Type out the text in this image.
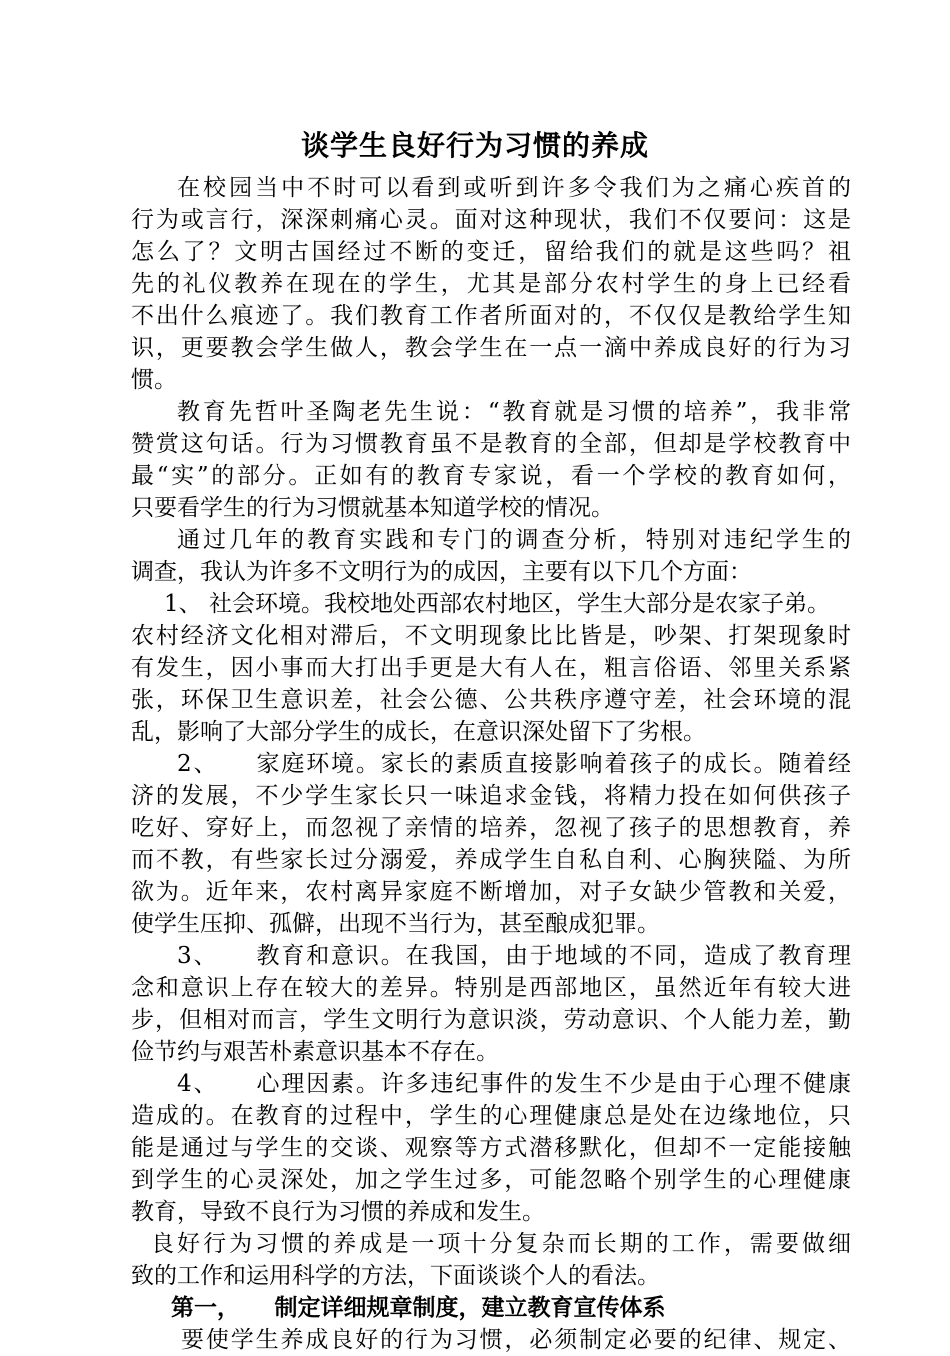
谈学生良好行为习惯的养成
在校园当中不时可以看到或听到许多令我们为之痛心疾首的
行为或言行，深深刺痛心灵。面对这种现状，我们不仅要问：这是
怎么了？文明古国经过不断的变迁，留给我们的就是这些吗？祖
先的礼仪教养在现在的学生，尤其是部分农村学生的身上已经看
不出什么痕迹了。我们教育工作者所面对的，不仅仅是教给学生知
识，更要教会学生做人，教会学生在一点一滴中养成良好的行为习
惯。
教育先哲叶圣陶老先生说：“教育就是习惯的培养”，我非常
赞赏这句话。行为习惯教育虽不是教育的全部，但却是学校教育中
最“实”的部分。正如有的教育专家说，看一个学校的教育如何，
只要看学生的行为习惯就基本知道学校的情况。
通过几年的教育实践和专门的调查分析，特别对违纪学生的
调查，我认为许多不文明行为的成因，主要有以下几个方面：
1、 社会环境。我校地处西部农村地区，学生大部分是农家子弟。
农村经济文化相对滞后，不文明现象比比皆是，吵架、打架现象时
有发生，因小事而大打出手更是大有人在，粗言俗语、邻里关系紧
张，环保卫生意识差，社会公德、公共秩序遵守差，社会环境的混
乱，影响了大部分学生的成长，在意识深处留下了劣根。
2、　　家庭环境。家长的素质直接影响着孩子的成长。随着经
济的发展，不少学生家长只一味追求金钱，将精力投在如何供孩子
吃好、穿好上，而忽视了亲情的培养，忽视了孩子的思想教育，养
而不教，有些家长过分溺爱，养成学生自私自利、心胸狭隘、为所
欲为。近年来，农村离异家庭不断增加，对子女缺少管教和关爱，
使学生压抑、孤僻，出现不当行为，甚至酿成犯罪。
3、　　教育和意识。在我国，由于地域的不同，造成了教育理
念和意识上存在较大的差异。特别是西部地区，虽然近年有较大进
步，但相对而言，学生文明行为意识淡，劳动意识、个人能力差，勤
俭节约与艰苦朴素意识基本不存在。
4、　　心理因素。许多违纪事件的发生不少是由于心理不健康
造成的。在教育的过程中，学生的心理健康总是处在边缘地位，只
能是通过与学生的交谈、观察等方式潜移默化，但却不一定能接触
到学生的心灵深处，加之学生过多，可能忽略个别学生的心理健康
教育，导致不良行为习惯的养成和发生。
良好行为习惯的养成是一项十分复杂而长期的工作，需要做细
致的工作和运用科学的方法，下面谈谈个人的看法。
第一，　　制定详细规章制度，建立教育宣传体系
要使学生养成良好的行为习惯，必须制定必要的纪律、规定、
